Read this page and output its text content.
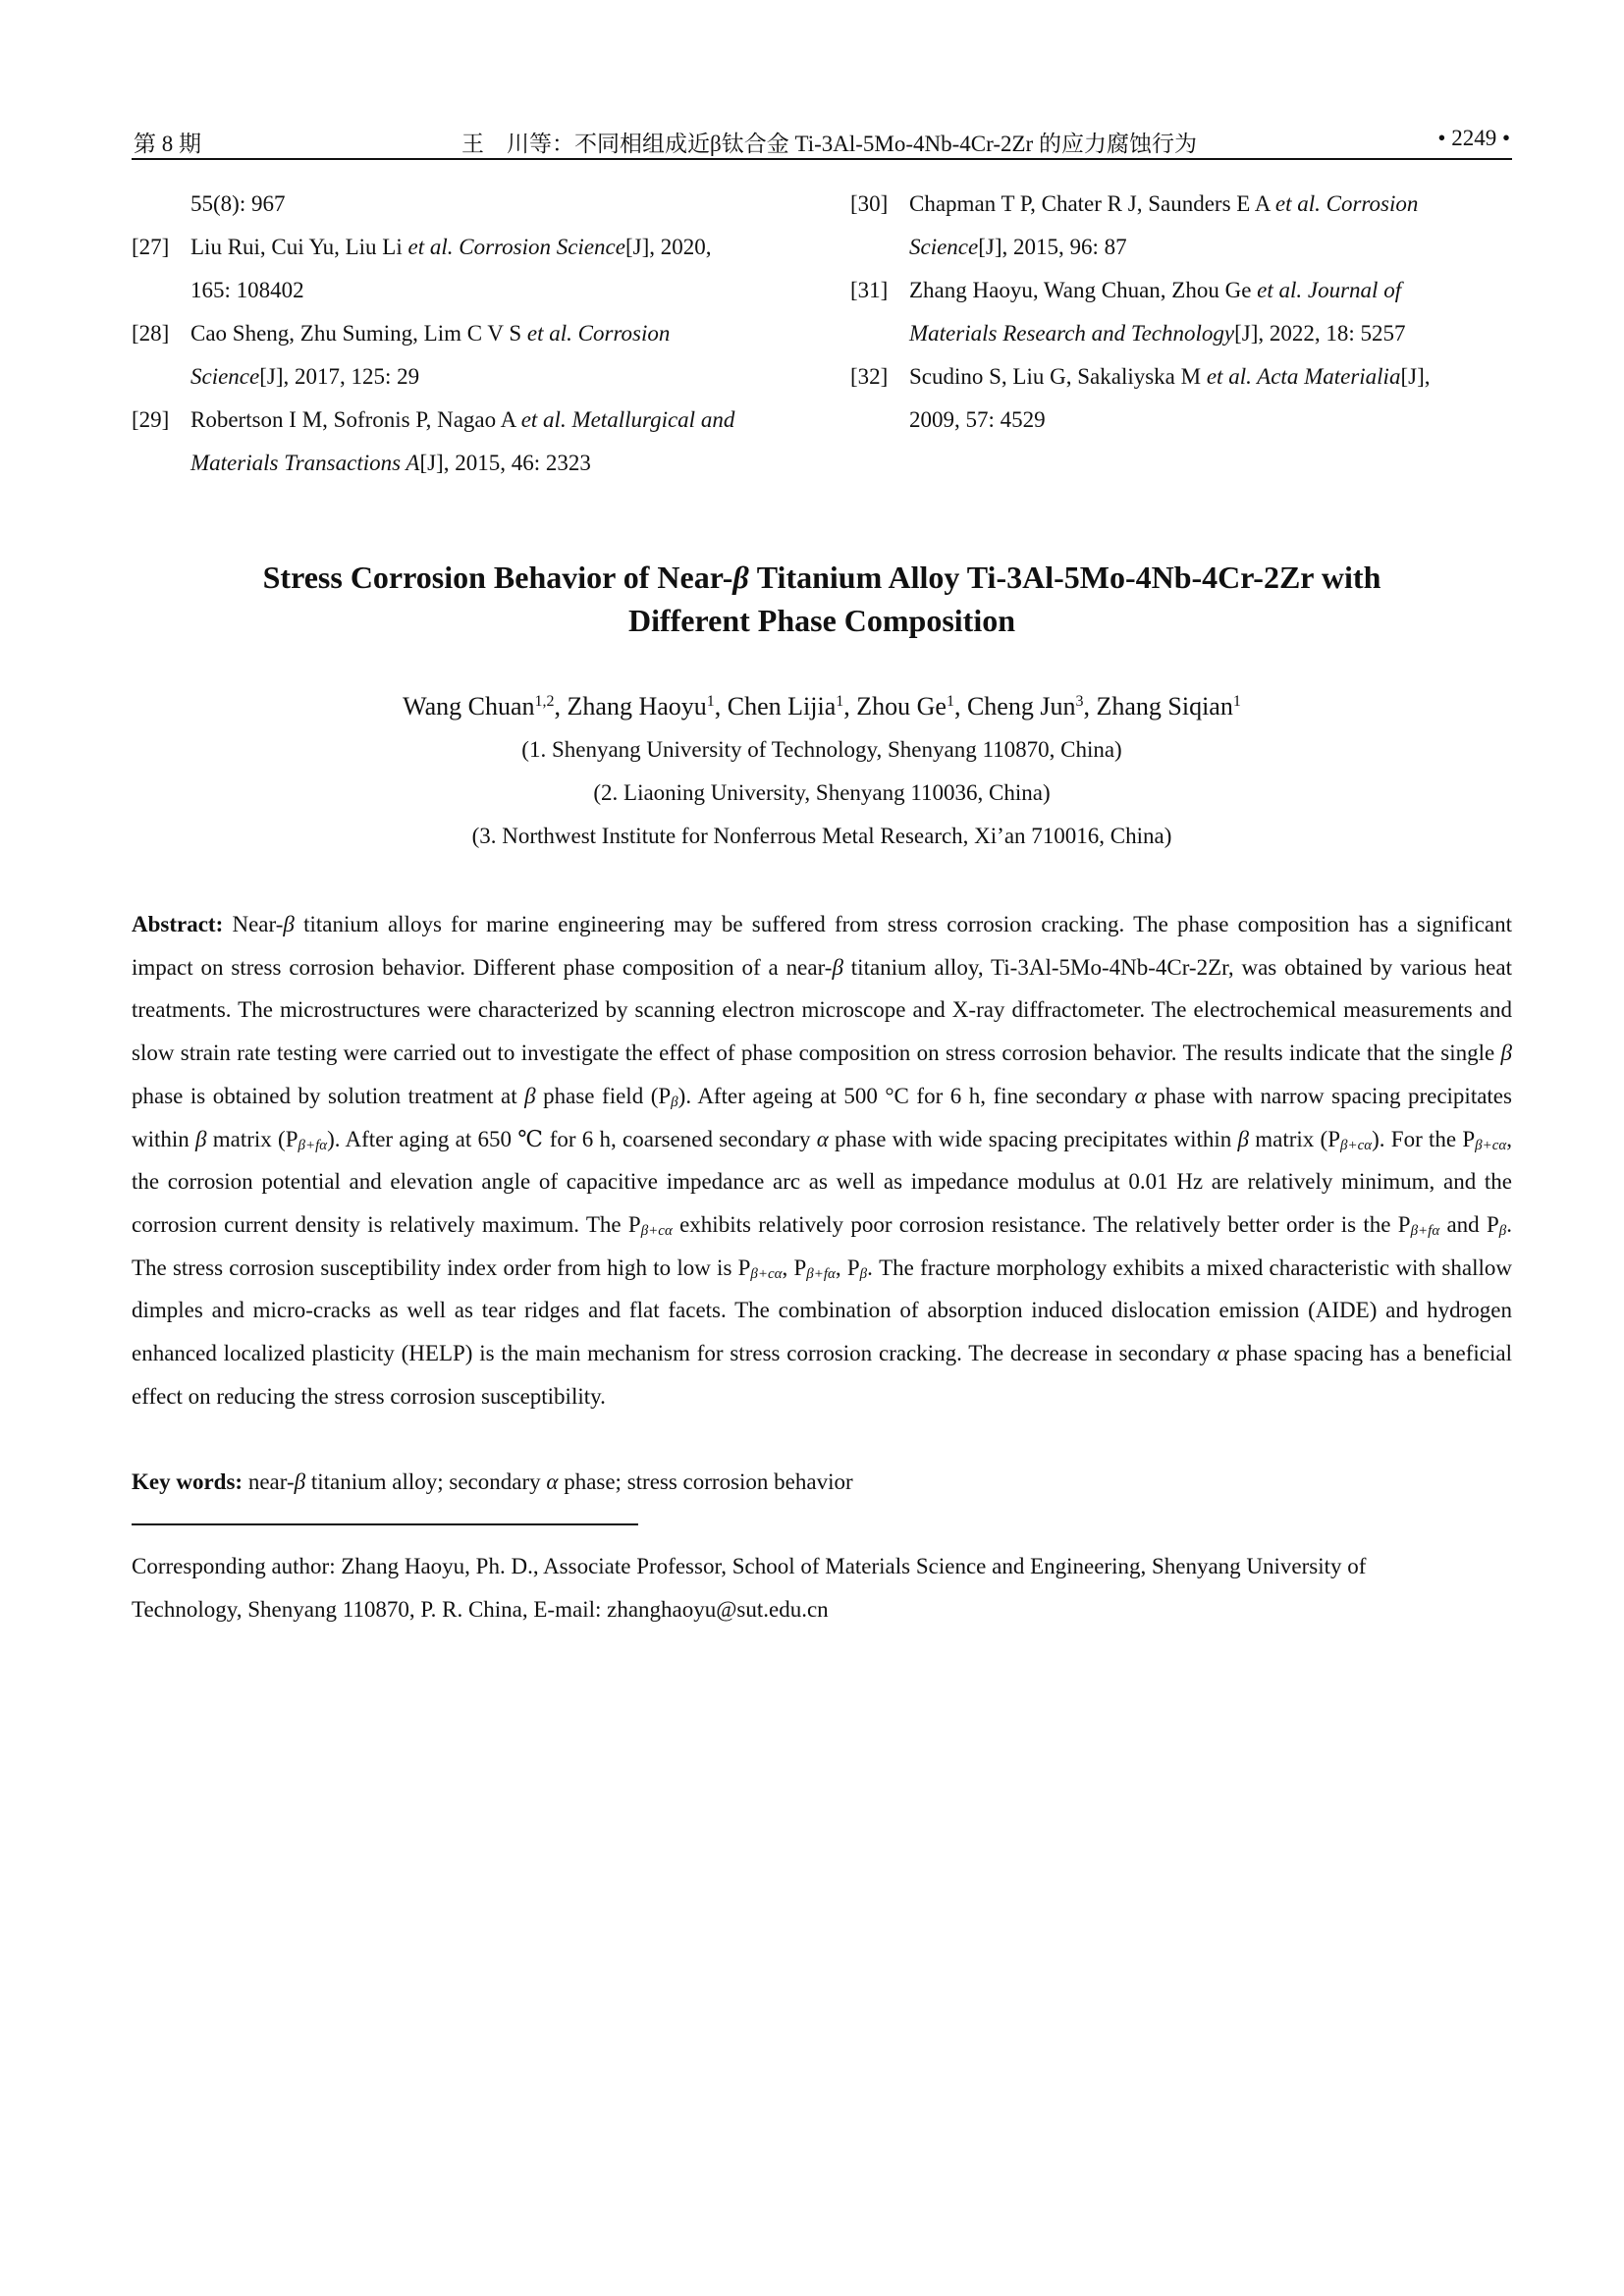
第 8 期	王　川等：不同相组成近β钛合金 Ti-3Al-5Mo-4Nb-4Cr-2Zr 的应力腐蚀行为	• 2249 •
55(8): 967
[27] Liu Rui, Cui Yu, Liu Li et al. Corrosion Science[J], 2020,
165: 108402
[28] Cao Sheng, Zhu Suming, Lim C V S et al. Corrosion
Science[J], 2017, 125: 29
[29] Robertson I M, Sofronis P, Nagao A et al. Metallurgical and
Materials Transactions A[J], 2015, 46: 2323
[30] Chapman T P, Chater R J, Saunders E A et al. Corrosion
Science[J], 2015, 96: 87
[31] Zhang Haoyu, Wang Chuan, Zhou Ge et al. Journal of
Materials Research and Technology[J], 2022, 18: 5257
[32] Scudino S, Liu G, Sakaliyska M et al. Acta Materialia[J],
2009, 57: 4529
Stress Corrosion Behavior of Near-β Titanium Alloy Ti-3Al-5Mo-4Nb-4Cr-2Zr with
Different Phase Composition
Wang Chuan$^{1,2}$, Zhang Haoyu$^1$, Chen Lijia$^1$, Zhou Ge$^1$, Cheng Jun$^3$, Zhang Siqian$^1$
(1. Shenyang University of Technology, Shenyang 110870, China)
(2. Liaoning University, Shenyang 110036, China)
(3. Northwest Institute for Nonferrous Metal Research, Xi’an 710016, China)
Abstract: Near-β titanium alloys for marine engineering may be suffered from stress corrosion cracking. The phase composition has a significant impact on stress corrosion behavior. Different phase composition of a near-β titanium alloy, Ti-3Al-5Mo-4Nb-4Cr-2Zr, was obtained by various heat treatments. The microstructures were characterized by scanning electron microscope and X-ray diffractometer. The electrochemical measurements and slow strain rate testing were carried out to investigate the effect of phase composition on stress corrosion behavior. The results indicate that the single β phase is obtained by solution treatment at β phase field $(P_\beta)$. After ageing at 500 °C for 6 h, fine secondary α phase with narrow spacing precipitates within β matrix $(P_{\beta+f\alpha})$. After aging at 650 ℃ for 6 h, coarsened secondary α phase with wide spacing precipitates within β matrix $(P_{\beta+c\alpha})$. For the $P_{\beta+c\alpha}$, the corrosion potential and elevation angle of capacitive impedance arc as well as impedance modulus at 0.01 Hz are relatively minimum, and the corrosion current density is relatively maximum. The $P_{\beta+c\alpha}$ exhibits relatively poor corrosion resistance. The relatively better order is the $P_{\beta+f\alpha}$ and $P_\beta$. The stress corrosion susceptibility index order from high to low is $P_{\beta+c\alpha}$, $P_{\beta+f\alpha}$, $P_\beta$. The fracture morphology exhibits a mixed characteristic with shallow dimples and micro-cracks as well as tear ridges and flat facets. The combination of absorption induced dislocation emission (AIDE) and hydrogen enhanced localized plasticity (HELP) is the main mechanism for stress corrosion cracking. The decrease in secondary α phase spacing has a beneficial effect on reducing the stress corrosion susceptibility.
Key words: near-β titanium alloy; secondary α phase; stress corrosion behavior
Corresponding author: Zhang Haoyu, Ph. D., Associate Professor, School of Materials Science and Engineering, Shenyang University of
Technology, Shenyang 110870, P. R. China, E-mail: zhanghaoyu@sut.edu.cn
